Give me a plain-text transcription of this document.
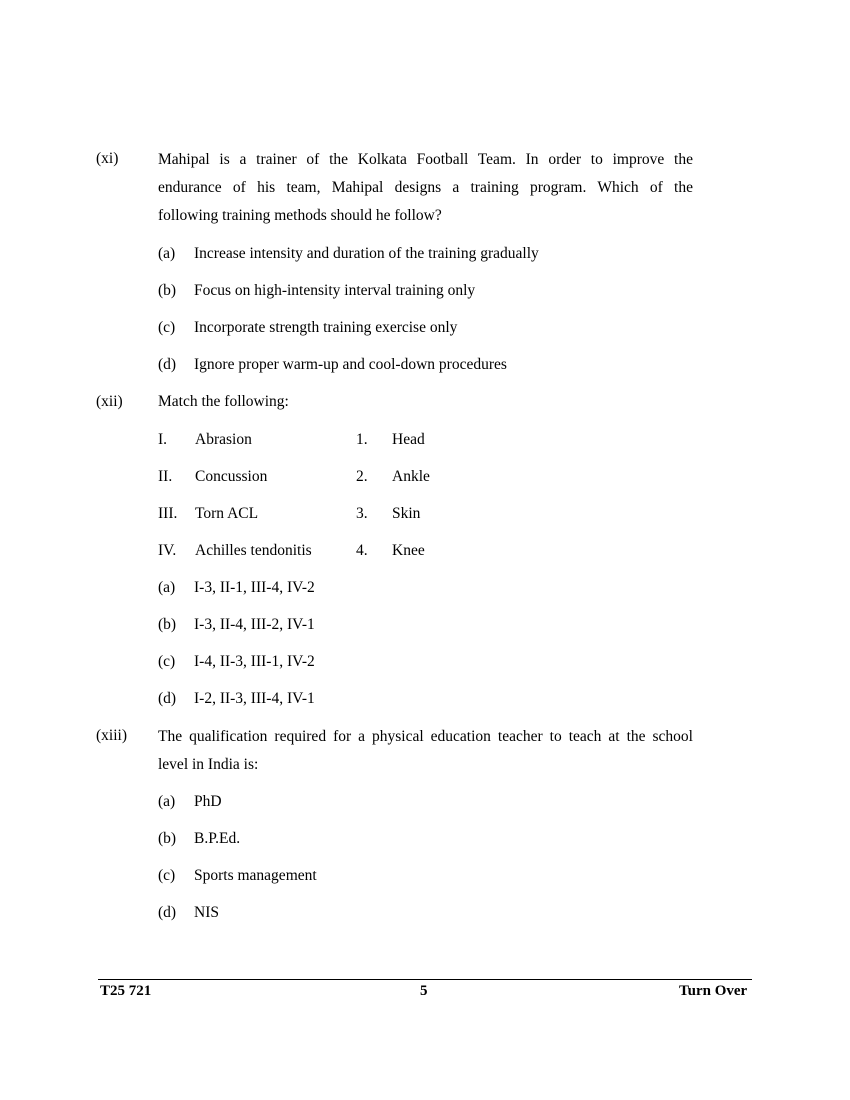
(xi)	Mahipal is a trainer of the Kolkata Football Team. In order to improve the
endurance of his team, Mahipal designs a training program. Which of the
following training methods should he follow?
(a) Increase intensity and duration of the training gradually
(b) Focus on high-intensity interval training only
(c) Incorporate strength training exercise only
(d) Ignore proper warm-up and cool-down procedures
(xii) Match the following:
I. Abrasion	1. Head
II. Concussion	2. Ankle
III. Torn ACL	3. Skin
IV. Achilles tendonitis	4. Knee
(a) I-3, II-1, III-4, IV-2
(b) I-3, II-4, III-2, IV-1
(c) I-4, II-3, III-1, IV-2
(d) I-2, II-3, III-4, IV-1
(xiii) The qualification required for a physical education teacher to teach at the school
level in India is:
(a) PhD
(b) B.P.Ed.
(c) Sports management
(d) NIS
T25 721	5	Turn Over
